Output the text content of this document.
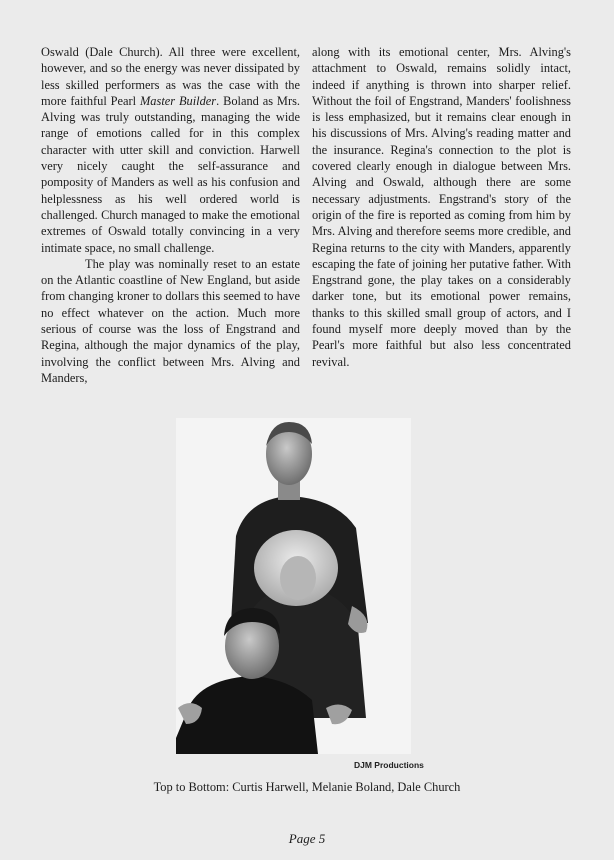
Oswald (Dale Church). All three were excellent, however, and so the energy was never dissipated by less skilled performers as was the case with the more faithful Pearl Master Builder. Boland as Mrs. Alving was truly outstanding, managing the wide range of emotions called for in this complex character with utter skill and conviction. Harwell very nicely caught the self-assurance and pomposity of Manders as well as his confusion and helplessness as his well ordered world is challenged. Church managed to make the emotional extremes of Oswald totally convincing in a very intimate space, no small challenge.

The play was nominally reset to an estate on the Atlantic coastline of New England, but aside from changing kroner to dollars this seemed to have no effect whatever on the action. Much more serious of course was the loss of Engstrand and Regina, although the major dynamics of the play, involving the conflict between Mrs. Alving and Manders,

along with its emotional center, Mrs. Alving's attachment to Oswald, remains solidly intact, indeed if anything is thrown into sharper relief. Without the foil of Engstrand, Manders' foolishness is less emphasized, but it remains clear enough in his discussions of Mrs. Alving's reading matter and the insurance. Regina's connection to the plot is covered clearly enough in dialogue between Mrs. Alving and Oswald, although there are some necessary adjustments. Engstrand's story of the origin of the fire is reported as coming from him by Mrs. Alving and therefore seems more credible, and Regina returns to the city with Manders, apparently escaping the fate of joining her putative father. With Engstrand gone, the play takes on a considerably darker tone, but its emotional power remains, thanks to this skilled small group of actors, and I found myself more deeply moved than by the Pearl's more faithful but also less concentrated revival.

DJM Productions
Top to Bottom: Curtis Harwell, Melanie Boland, Dale Church
Page 5
